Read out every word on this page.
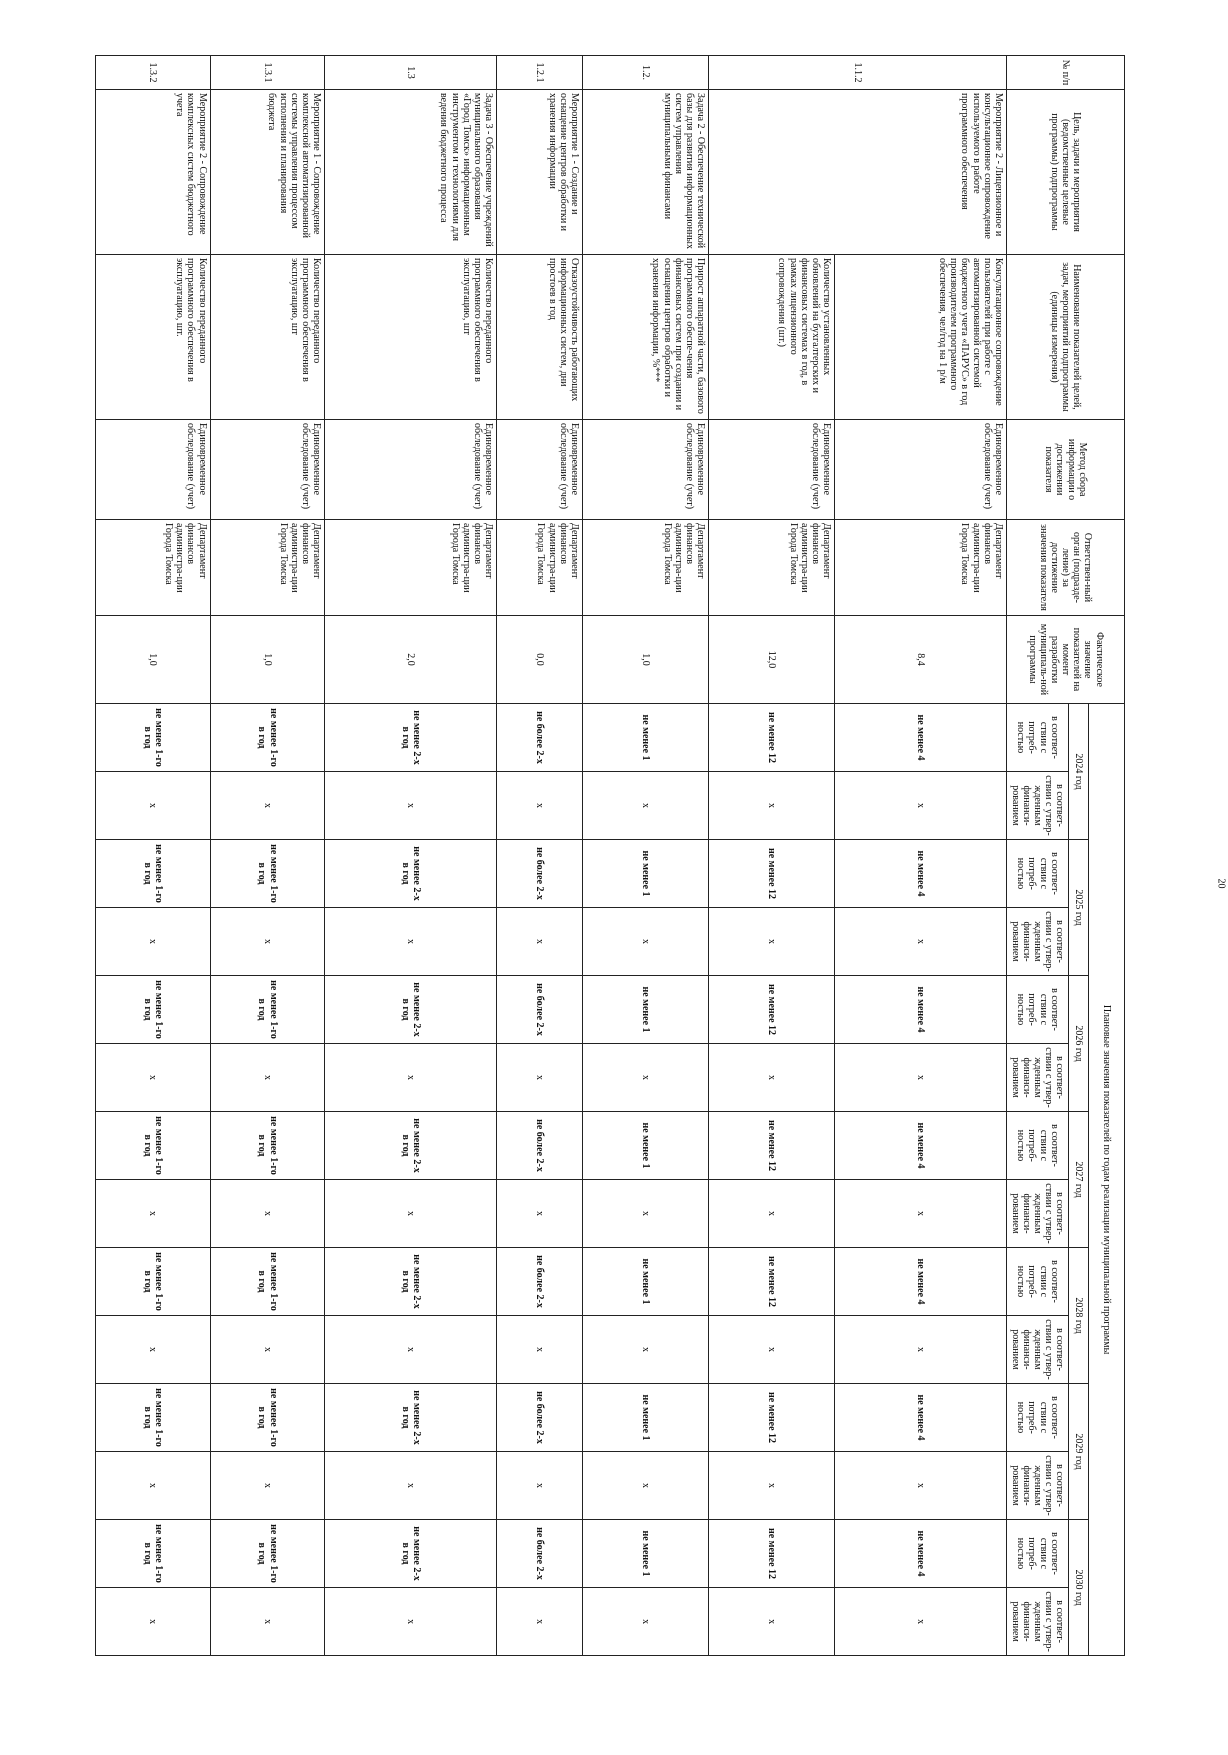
20
№ п/п	Цель, задачи и мероприятия (ведомственные целевые программы) подпрограммы	Наименование показателей целей, задач, мероприятий подпрограммы (единицы измерения)	Метод сбора информации о достижении показателя	Ответствен-ный орган (подразде-ление) за достижение значения показателя	Фактическое значение показателей на момент разработки муниципаль-ной программы	Плановые значения показателей по годам реализации муниципальной программы													
						2024 год		2025 год		2026 год		2027 год		2028 год		2029 год		2030 год	
						в соответ-ствии с потреб-ностью	в соответ-ствии с утвер-жденным финанси-рованием	в соответ-ствии с потреб-ностью	в соответ-ствии с утвер-жденным финанси-рованием	в соответ-ствии с потреб-ностью	в соответ-ствии с утвер-жденным финанси-рованием	в соответ-ствии с потреб-ностью	в соответ-ствии с утвер-жденным финанси-рованием	в соответ-ствии с потреб-ностью	в соответ-ствии с утвер-жденным финанси-рованием	в соответ-ствии с потреб-ностью	в соответ-ствии с утвер-жденным финанси-рованием	в соответ-ствии с потреб-ностью	в соответ-ствии с утвер-жденным финанси-рованием
1.1.2	Мероприятие 2 - Лицензионное и консультационное сопровождение используемого в работе программного обеспечения	Консультационное сопровождение пользователей при работе с автоматизированной системой бюджетного учета «ПАРУС» в год производителем программного обеспечения, чел/год на 1 р/м	Единовременное обследование (учет)	Департамент финансов администра-ции Города Томска	8,4	не менее 4	x	не менее 4	x	не менее 4	x	не менее 4	x	не менее 4	x	не менее 4	x	не менее 4	x
		Количество установленных обновлений на бухгалтерских и финансовых системах в год, в рамках лицензионного сопровождения (шт.)	Единовременное обследование (учет)	Департамент финансов администра-ции Города Томска	12,0	не менее 12	x	не менее 12	x	не менее 12	x	не менее 12	x	не менее 12	x	не менее 12	x	не менее 12	x
1.2.	Задача 2 - Обеспечение технической базы для развития информационных систем управления муниципальными финансами	Прирост аппаратной части, базового программного обеспе-чения финансовых систем при создании и оснащении центров обработки и хранения информации, %***	Единовременное обследование (учет)	Департамент финансов администра-ции Города Томска	1,0	не менее 1	x	не менее 1	x	не менее 1	x	не менее 1	x	не менее 1	x	не менее 1	x	не менее 1	x
1.2.1	Мероприятие 1 - Создание и оснащение центров обработки и хранения информации	Отказоустойчивость работающих информационных систем, дни простоев в год	Единовременное обследование (учет)	Департамент финансов администра-ции Города Томска	0,0	не более 2-х	x	не более 2-х	x	не более 2-х	x	не более 2-х	x	не более 2-х	x	не более 2-х	x	не более 2-х	x
1.3	Задача 3 - Обеспечение учреждений муниципального образования «Город Томск» информационным инструментом и технологиями для ведения бюджетного процесса	Количество переданного программного обеспечения в эксплуатацию, шт	Единовременное обследование (учет)	Департамент финансов администра-ции Города Томска	2,0	не менее 2-х в год	x	не менее 2-х в год	x	не менее 2-х в год	x	не менее 2-х в год	x	не менее 2-х в год	x	не менее 2-х в год	x	не менее 2-х в год	x
1.3.1	Мероприятие 1 - Сопровождение комплексной автоматизированной системы управления процессом исполнения и планирования бюджета	Количество переданного программного обеспечения в эксплуатацию, шт	Единовременное обследование (учет)	Департамент финансов администра-ции Города Томска	1,0	не менее 1-го в год	x	не менее 1-го в год	x	не менее 1-го в год	x	не менее 1-го в год	x	не менее 1-го в год	x	не менее 1-го в год	x	не менее 1-го в год	x
1.3.2	Мероприятие 2 - Сопровождение комплексных систем бюджетного учета	Количество переданного программного обеспечения в эксплуатацию, шт.	Единовременное обследование (учет)	Департамент финансов администра-ции Города Томска	1,0	не менее 1-го в год	x	не менее 1-го в год	x	не менее 1-го в год	x	не менее 1-го в год	x	не менее 1-го в год	x	не менее 1-го в год	x	не менее 1-го в год	x
